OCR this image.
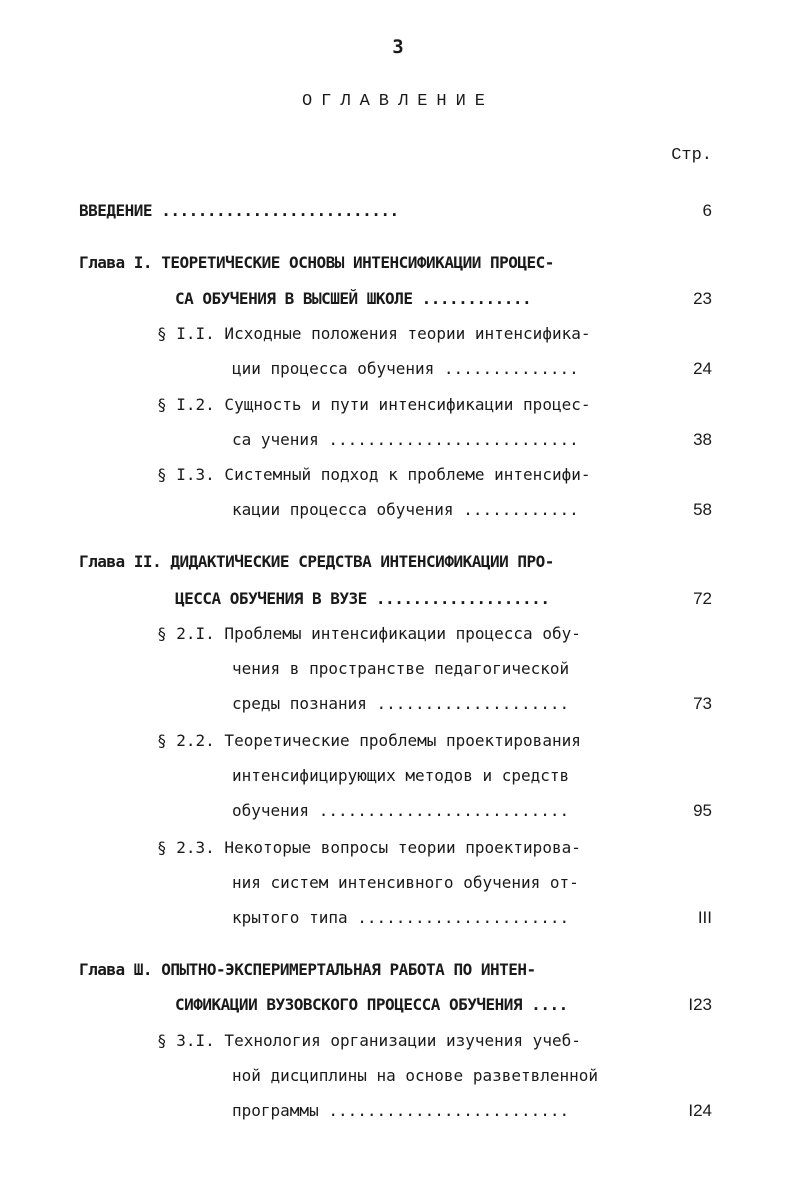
3
ОГЛАВЛЕНИЕ
Стр.
ВВЕДЕНИЕ ..........................	6
Глава I. ТЕОРЕТИЧЕСКИЕ ОСНОВЫ ИНТЕНСИФИКАЦИИ ПРОЦЕС-
СА ОБУЧЕНИЯ В ВЫСШЕЙ ШКОЛЕ ............	23
§ I.I. Исходные положения теории интенсифика-
ции процесса обучения ..............	24
§ I.2. Сущность и пути интенсификации процес-
са учения ..........................	38
§ I.3. Системный подход к проблеме интенсифи-
кации процесса обучения ............	58
Глава II. ДИДАКТИЧЕСКИЕ СРЕДСТВА ИНТЕНСИФИКАЦИИ ПРО-
ЦЕССА ОБУЧЕНИЯ В ВУЗЕ ...................	72
§ 2.I. Проблемы интенсификации процесса обу-
чения в пространстве педагогической
среды познания ....................	73
§ 2.2. Теоретические проблемы проектирования
интенсифицирующих методов и средств
обучения ..........................	95
§ 2.3. Некоторые вопросы теории проектирова-
ния систем интенсивного обучения от-
крытого типа ......................	III
Глава Ш. ОПЫТНО-ЭКСПЕРИМЕРТАЛЬНАЯ РАБОТА ПО ИНТЕН-
СИФИКАЦИИ ВУЗОВСКОГО ПРОЦЕССА ОБУЧЕНИЯ ....	I23
§ 3.I. Технология организации изучения учеб-
ной дисциплины на основе разветвленной
программы .........................	I24
